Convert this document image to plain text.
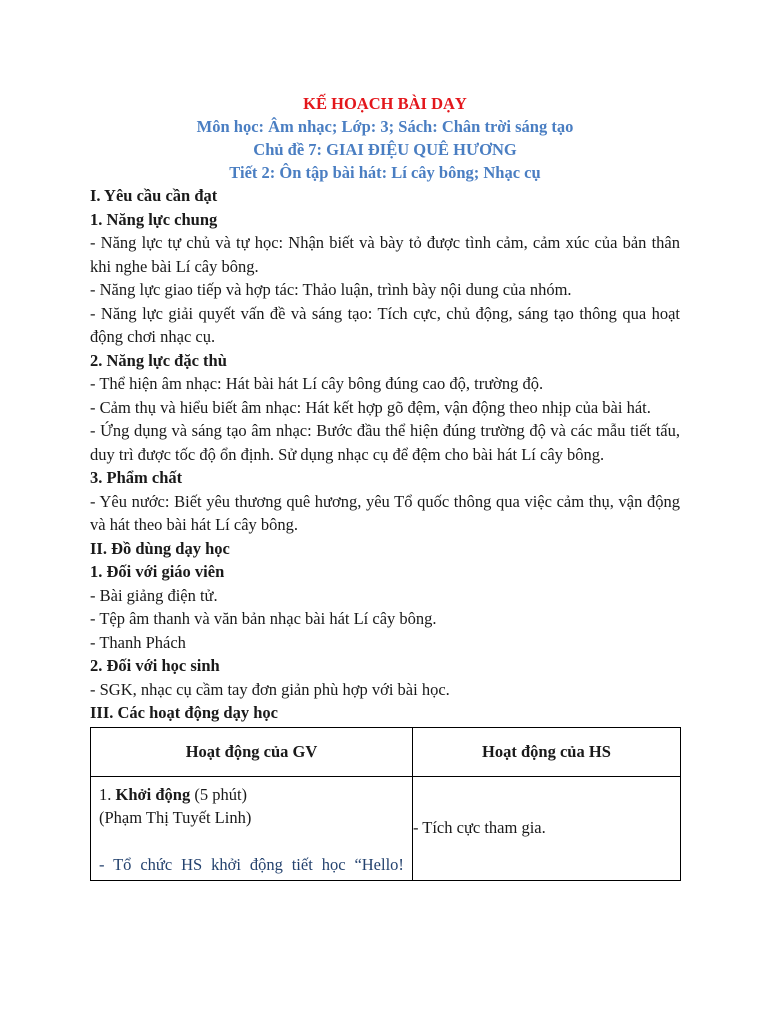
KẾ HOẠCH BÀI DẠY
Môn học: Âm nhạc; Lớp: 3; Sách: Chân trời sáng tạo
Chủ đề 7: GIAI ĐIỆU QUÊ HƯƠNG
Tiết 2: Ôn tập bài hát: Lí cây bông; Nhạc cụ
I. Yêu cầu cần đạt
1. Năng lực chung
- Năng lực tự chủ và tự học: Nhận biết và bày tỏ được tình cảm, cảm xúc của bản thân khi nghe bài Lí cây bông.
- Năng lực giao tiếp và hợp tác: Thảo luận, trình bày nội dung của nhóm.
- Năng lực giải quyết vấn đề và sáng tạo: Tích cực, chủ động, sáng tạo thông qua hoạt động chơi nhạc cụ.
2. Năng lực đặc thù
- Thể hiện âm nhạc: Hát bài hát Lí cây bông đúng cao độ, trường độ.
- Cảm thụ và hiểu biết âm nhạc: Hát kết hợp gõ đệm, vận động theo nhịp của bài hát.
- Ứng dụng và sáng tạo âm nhạc: Bước đầu thể hiện đúng trường độ và các mẫu tiết tấu, duy trì được tốc độ ổn định. Sử dụng nhạc cụ để đệm cho bài hát Lí cây bông.
3. Phẩm chất
- Yêu nước: Biết yêu thương quê hương, yêu Tổ quốc thông qua việc cảm thụ, vận động và hát theo bài hát Lí cây bông.
II. Đồ dùng dạy học
1. Đối với giáo viên
- Bài giảng điện tử.
- Tệp âm thanh và văn bản nhạc bài hát Lí cây bông.
- Thanh Phách
2. Đối với học sinh
- SGK, nhạc cụ cầm tay đơn giản phù hợp với bài học.
III. Các hoạt động dạy học
Hoạt động của GV	Hoạt động của HS

1. Khởi động (5 phút)
(Phạm Thị Tuyết Linh)
- Tổ chức HS khởi động tiết học “Hello!	- Tích cực tham gia.
